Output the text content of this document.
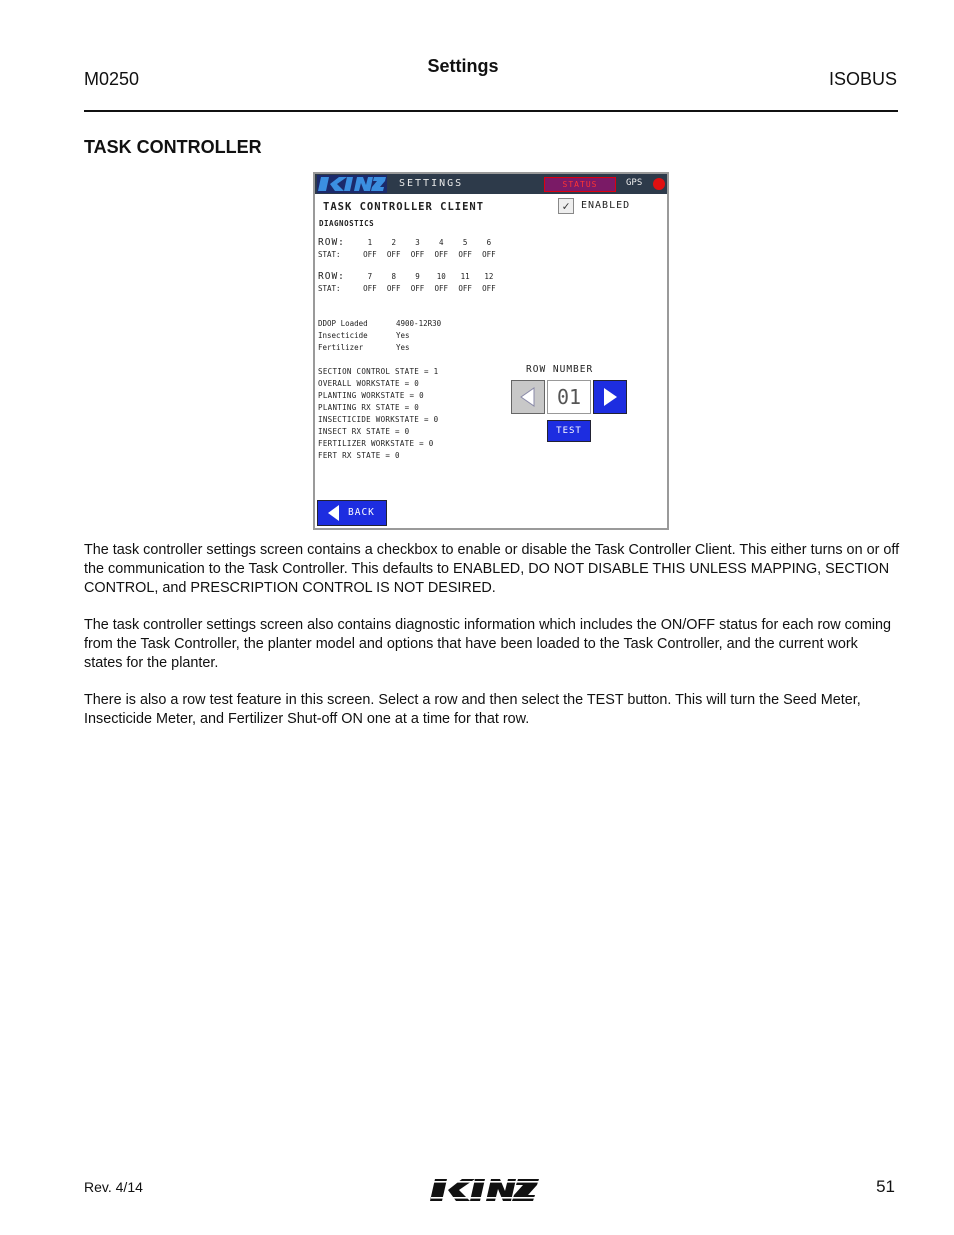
M0250
Settings
ISOBUS
TASK CONTROLLER
SETTINGS	STATUS	GPS
TASK CONTROLLER CLIENT	✓	ENABLED
DIAGNOSTICS
ROW:	1	2	3	4	5	6
STAT:	OFF OFF OFF OFF OFF OFF
ROW:	7	8	9 10 11 12
STAT:	OFF OFF OFF OFF OFF OFF
DDOP Loaded	4900-12R30
Insecticide	Yes
Fertilizer	Yes
SECTION CONTROL STATE = 1
OVERALL WORKSTATE = 0
PLANTING WORKSTATE = 0
PLANTING RX STATE = 0
INSECTICIDE WORKSTATE = 0
INSECT RX STATE = 0
FERTILIZER WORKSTATE = 0
FERT RX STATE = 0
ROW NUMBER
01
TEST
BACK
The task controller settings screen contains a checkbox to enable or disable the Task Controller Client. This either turns on or off the communication to the Task Controller. This defaults to ENABLED, DO NOT DISABLE THIS UNLESS MAPPING, SECTION CONTROL, and PRESCRIPTION CONTROL IS NOT DESIRED.
The task controller settings screen also contains diagnostic information which includes the ON/OFF status for each row coming from the Task Controller, the planter model and options that have been loaded to the Task Controller, and the current work states for the planter.
There is also a row test feature in this screen. Select a row and then select the TEST button. This will turn the Seed Meter, Insecticide Meter, and Fertilizer Shut-off ON one at a time for that row.
Rev. 4/14	51
